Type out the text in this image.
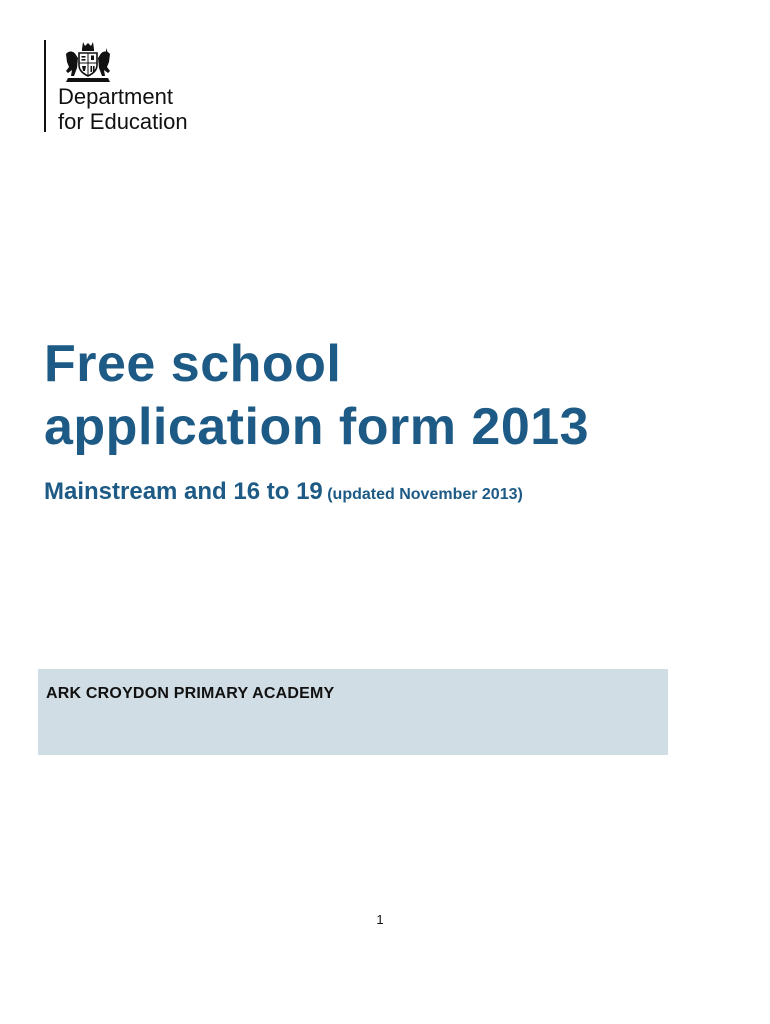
Department
for Education
Free school
application form 2013

Mainstream and 16 to 19 (updated November 2013)

ARK CROYDON PRIMARY ACADEMY
1
